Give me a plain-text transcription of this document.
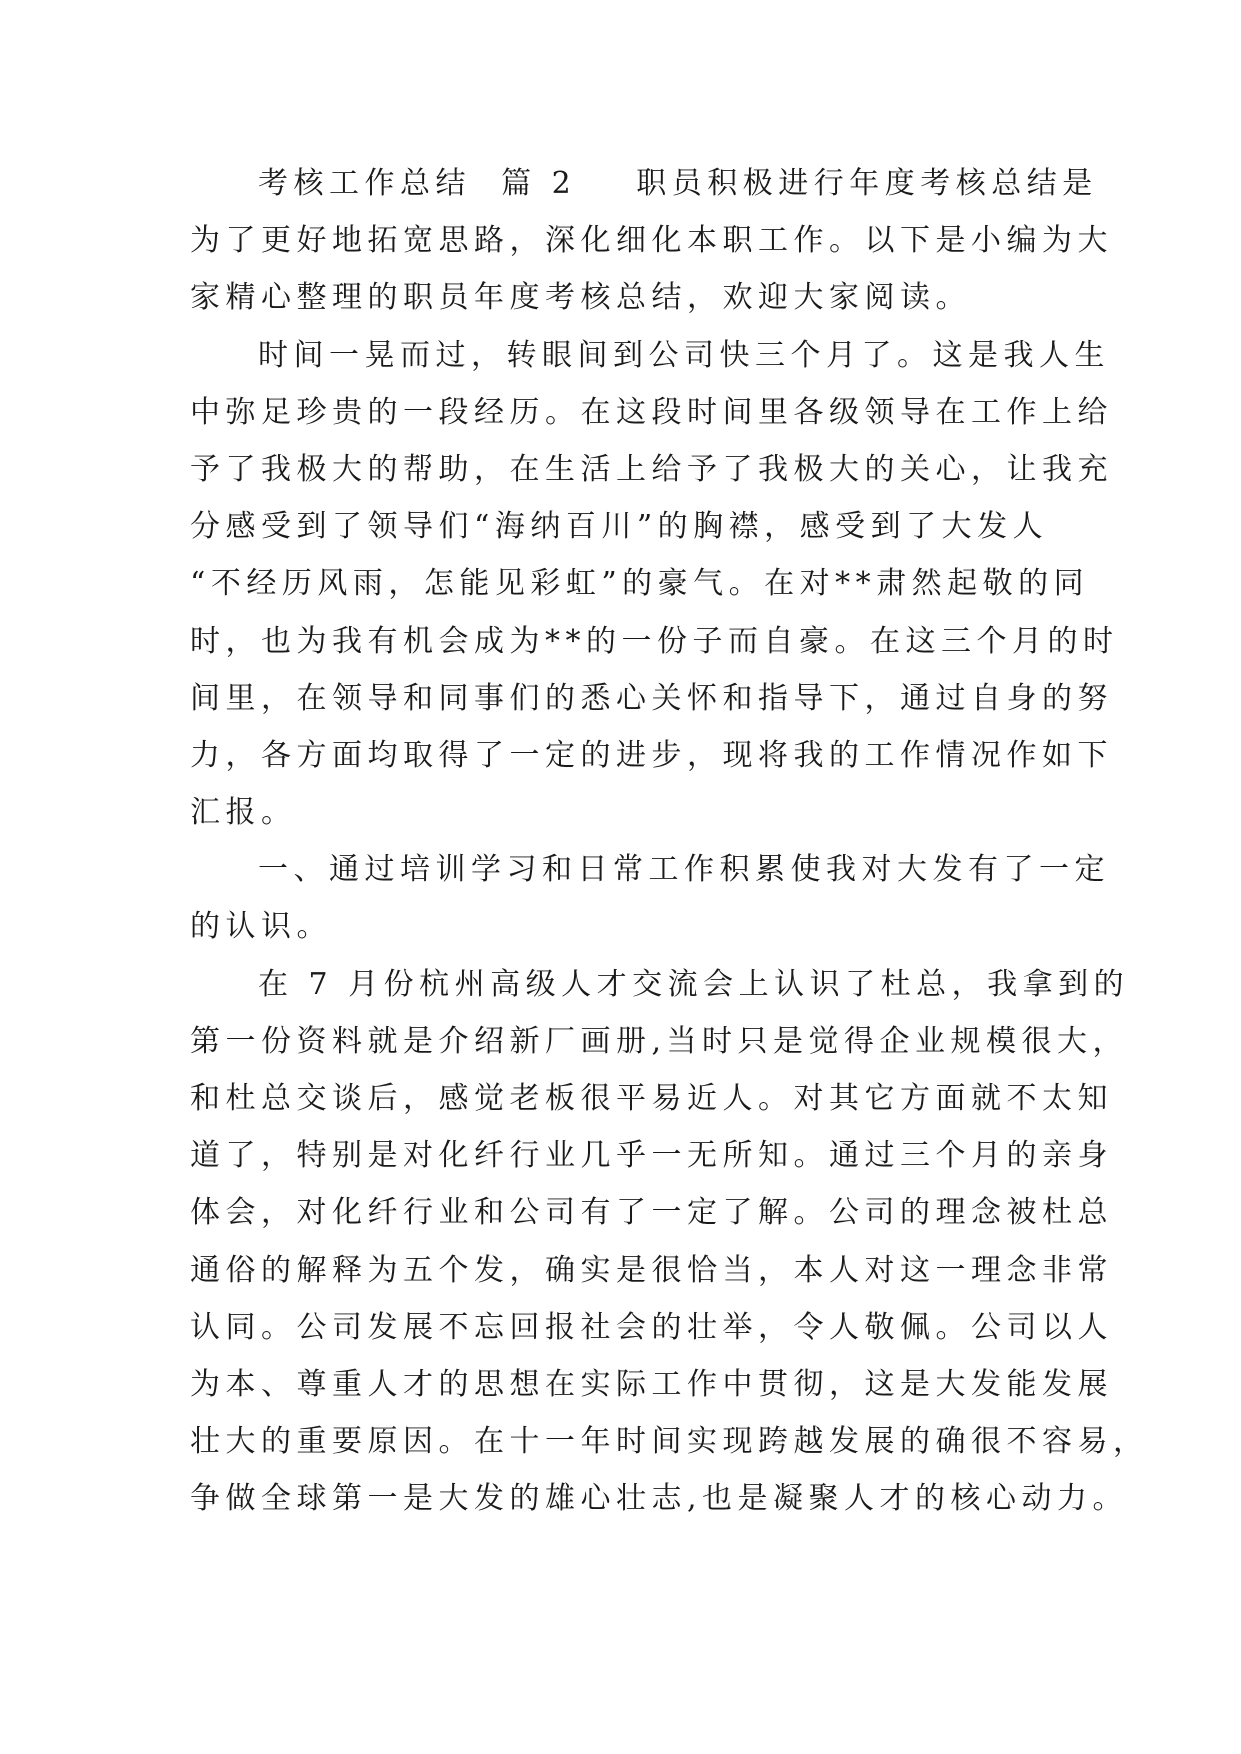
考核工作总结 篇 2 职员积极进行年度考核总结是
为了更好地拓宽思路，深化细化本职工作。以下是小编为大
家精心整理的职员年度考核总结，欢迎大家阅读。
时间一晃而过，转眼间到公司快三个月了。这是我人生
中弥足珍贵的一段经历。在这段时间里各级领导在工作上给
予了我极大的帮助，在生活上给予了我极大的关心，让我充
分感受到了领导们“海纳百川”的胸襟，感受到了大发人
“不经历风雨，怎能见彩虹”的豪气。在对**肃然起敬的同
时，也为我有机会成为**的一份子而自豪。在这三个月的时
间里，在领导和同事们的悉心关怀和指导下，通过自身的努
力，各方面均取得了一定的进步，现将我的工作情况作如下
汇报。
一、通过培训学习和日常工作积累使我对大发有了一定
的认识。
在 7 月份杭州高级人才交流会上认识了杜总，我拿到的
第一份资料就是介绍新厂画册,当时只是觉得企业规模很大，
和杜总交谈后，感觉老板很平易近人。对其它方面就不太知
道了，特别是对化纤行业几乎一无所知。通过三个月的亲身
体会，对化纤行业和公司有了一定了解。公司的理念被杜总
通俗的解释为五个发，确实是很恰当，本人对这一理念非常
认同。公司发展不忘回报社会的壮举，令人敬佩。公司以人
为本、尊重人才的思想在实际工作中贯彻，这是大发能发展
壮大的重要原因。在十一年时间实现跨越发展的确很不容易，
争做全球第一是大发的雄心壮志,也是凝聚人才的核心动力。
